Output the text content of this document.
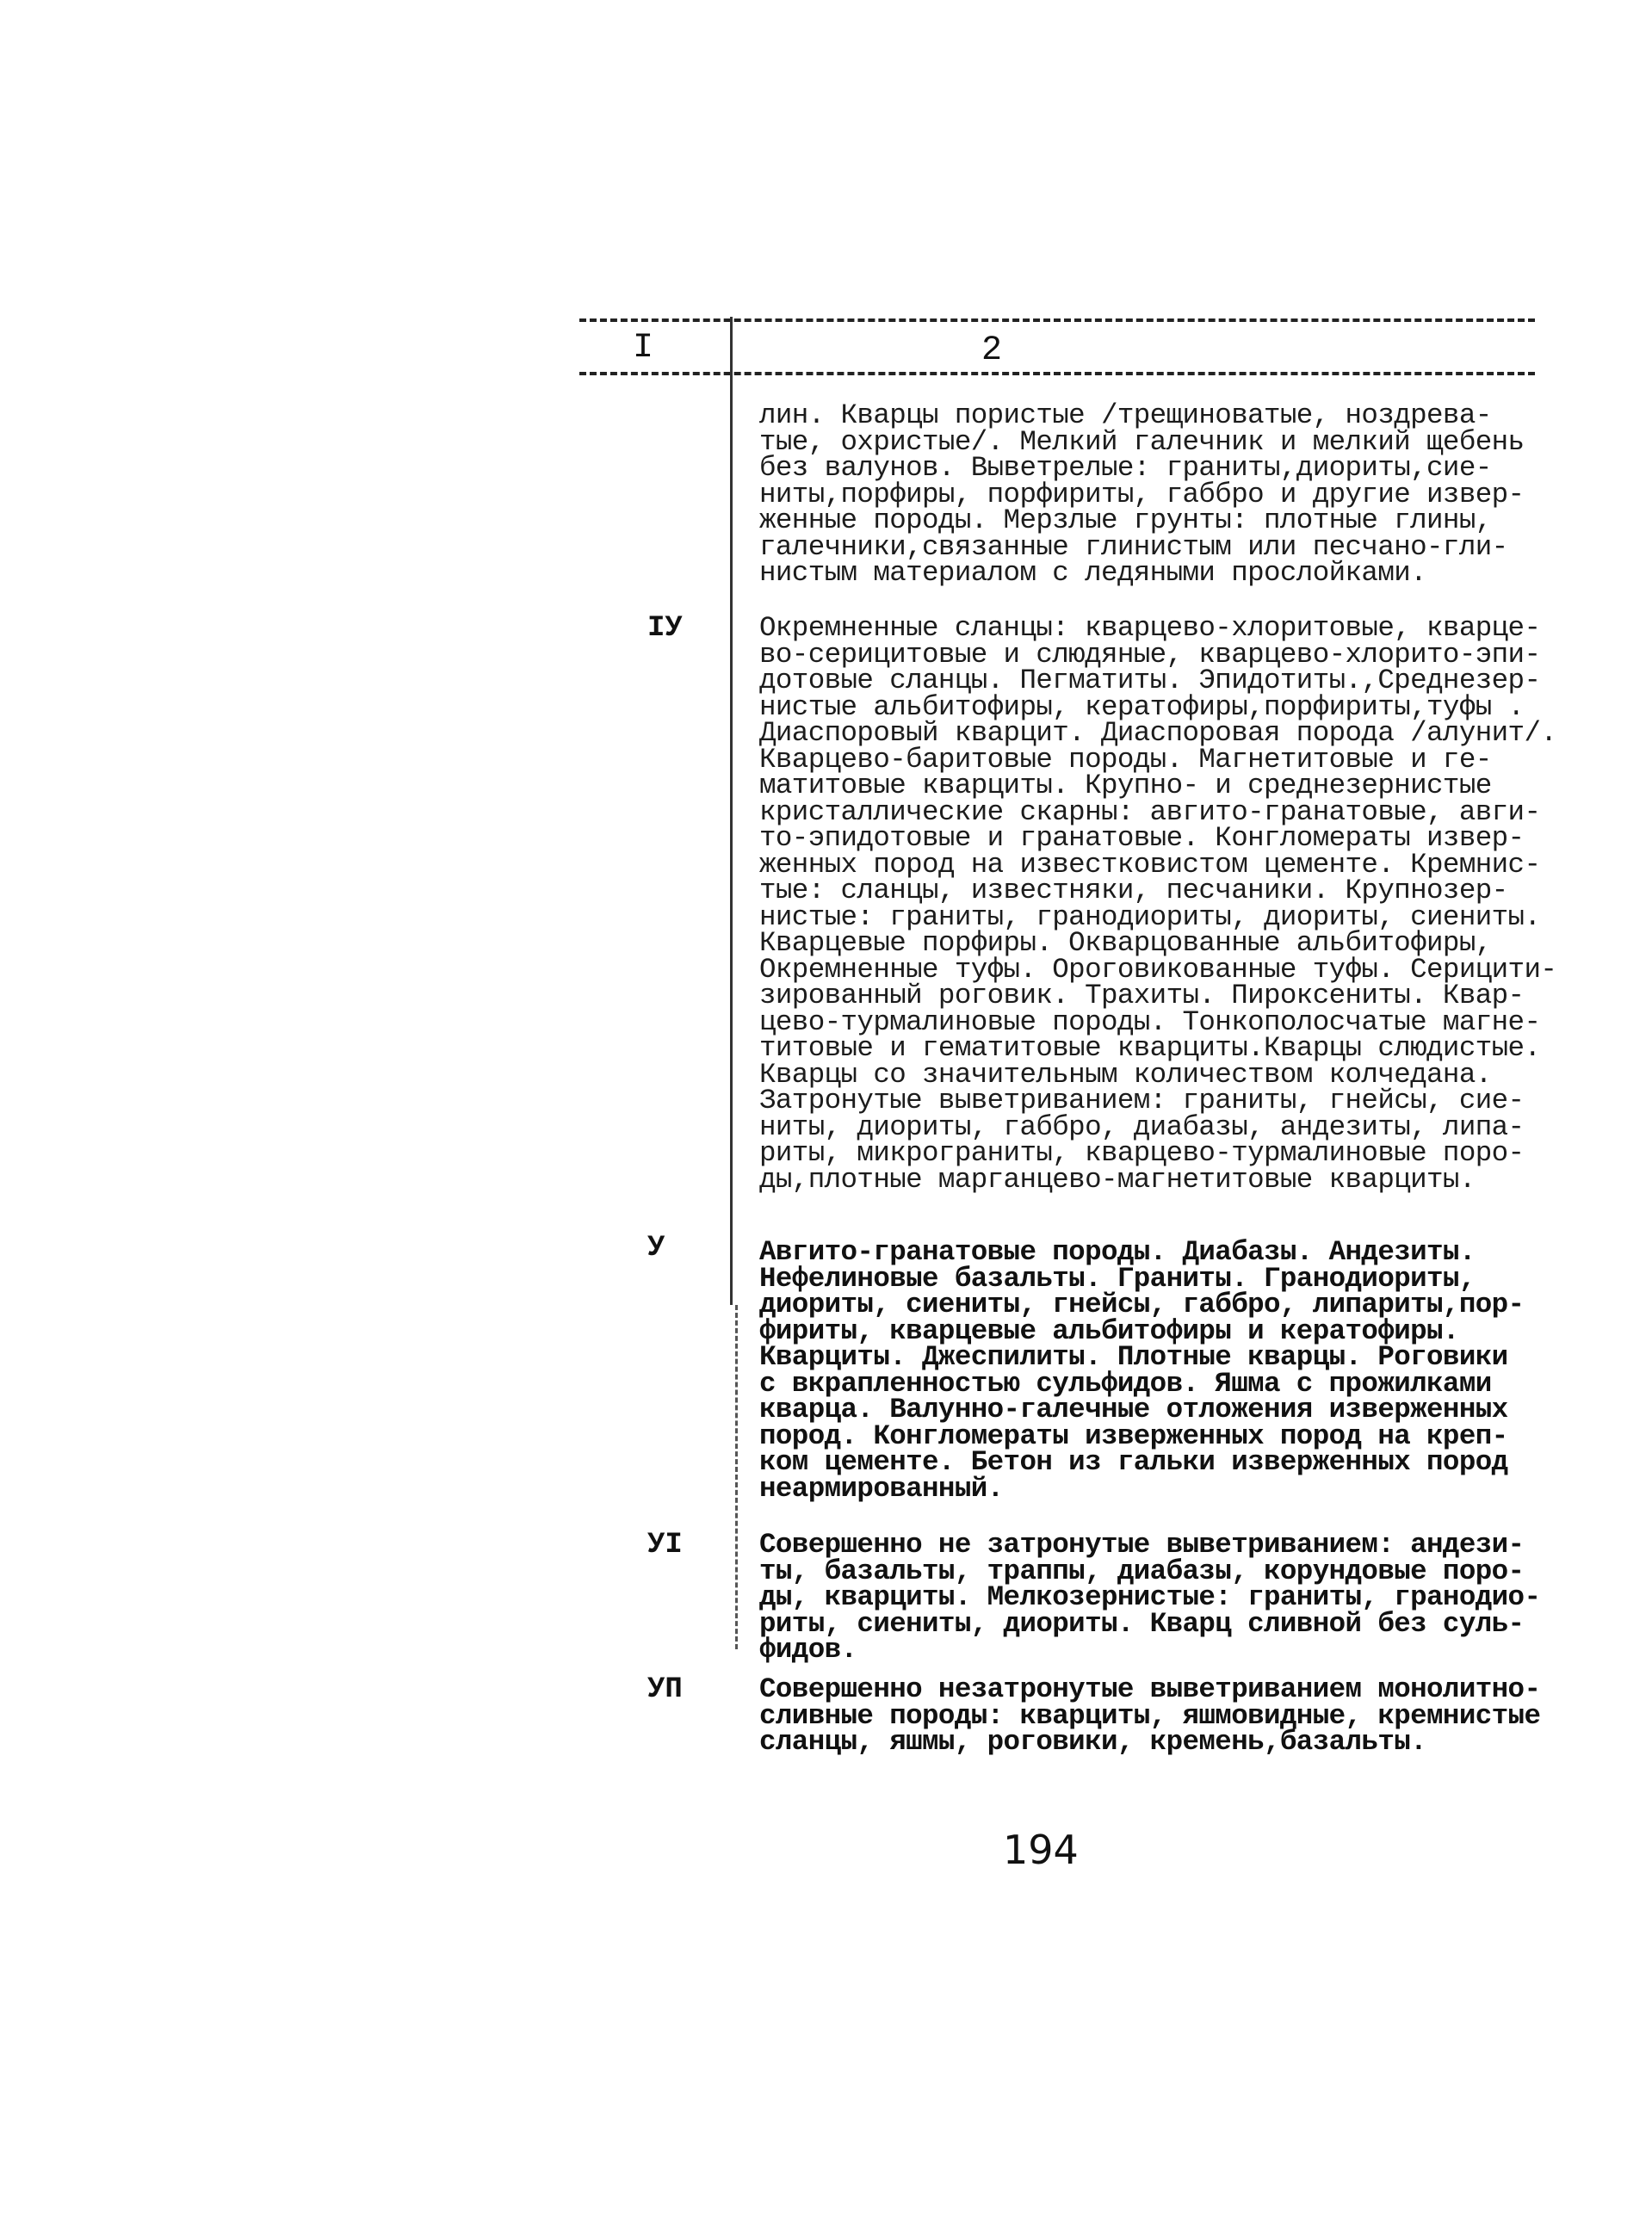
I	2
лин. Кварцы пористые /трещиноватые, ноздрева-
тые, охристые/. Мелкий галечник и мелкий щебень
без валунов. Выветрелые: граниты,диориты,сие-
ниты,порфиры, порфириты, габбро и другие извер-
женные породы. Мерзлые грунты: плотные глины,
галечники,связанные глинистым или песчано-гли-
нистым материалом с ледяными прослойками.
IУ	Окремненные сланцы: кварцево-хлоритовые, кварце-
во-серицитовые и слюдяные, кварцево-хлорито-эпи-
дотовые сланцы. Пегматиты. Эпидотиты.,Среднезер-
нистые альбитофиры, кератофиры,порфириты,туфы .
Диаспоровый кварцит. Диаспоровая порода /алунит/.
Кварцево-баритовые породы. Магнетитовые и ге-
матитовые кварциты. Крупно- и среднезернистые
кристаллические скарны: авгито-гранатовые, авги-
то-эпидотовые и гранатовые. Конгломераты извер-
женных пород на известковистом цементе. Кремнис-
тые: сланцы, известняки, песчаники. Крупнозер-
нистые: граниты, гранодиориты, диориты, сиениты.
Кварцевые порфиры. Окварцованные альбитофиры,
Окремненные туфы. Ороговикованные туфы. Серицити-
зированный роговик. Трахиты. Пироксениты. Квар-
цево-турмалиновые породы. Тонкополосчатые магне-
титовые и гематитовые кварциты.Кварцы слюдистые.
Кварцы со значительным количеством колчедана.
Затронутые выветриванием: граниты, гнейсы, сие-
ниты, диориты, габбро, диабазы, андезиты, липа-
риты, микрограниты, кварцево-турмалиновые поро-
ды,плотные марганцево-магнетитовые кварциты.
У	Авгито-гранатовые породы. Диабазы. Андезиты.
Нефелиновые базальты. Граниты. Гранодиориты,
диориты, сиениты, гнейсы, габбро, липариты,пор-
фириты, кварцевые альбитофиры и кератофиры.
Кварциты. Джеспилиты. Плотные кварцы. Роговики
с вкрапленностью сульфидов. Яшма с прожилками
кварца. Валунно-галечные отложения изверженных
пород. Конгломераты изверженных пород на креп-
ком цементе. Бетон из гальки изверженных пород
неармированный.
УI	Совершенно не затронутые выветриванием: андези-
ты, базальты, траппы, диабазы, корундовые поро-
ды, кварциты. Мелкозернистые: граниты, гранодио-
риты, сиениты, диориты. Кварц сливной без суль-
фидов.
УП	Совершенно незатронутые выветриванием монолитно-
сливные породы: кварциты, яшмовидные, кремнистые
сланцы, яшмы, роговики, кремень,базальты.
194
